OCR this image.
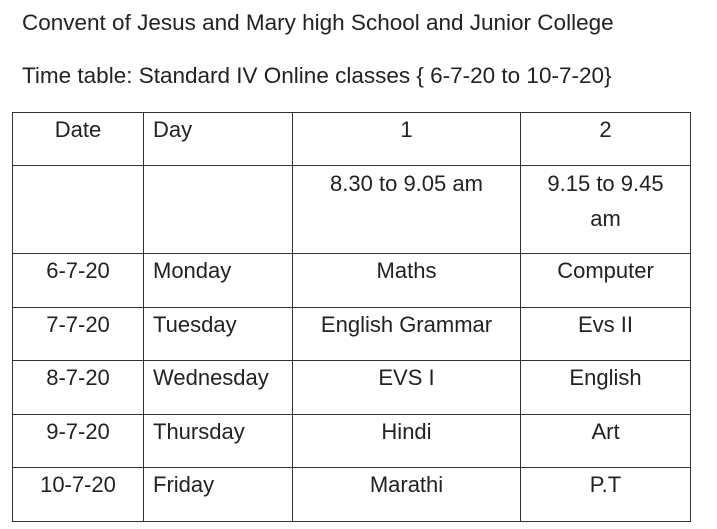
Convent of Jesus and Mary high School and Junior College
Time table: Standard IV Online classes { 6-7-20 to 10-7-20}
Date	Day	1	2

		8.30 to 9.05 am	9.15 to 9.45 am

6-7-20	Monday	Maths	Computer
7-7-20	Tuesday	English Grammar	Evs II
8-7-20	Wednesday	EVS I	English
9-7-20	Thursday	Hindi	Art
10-7-20	Friday	Marathi	P.T
